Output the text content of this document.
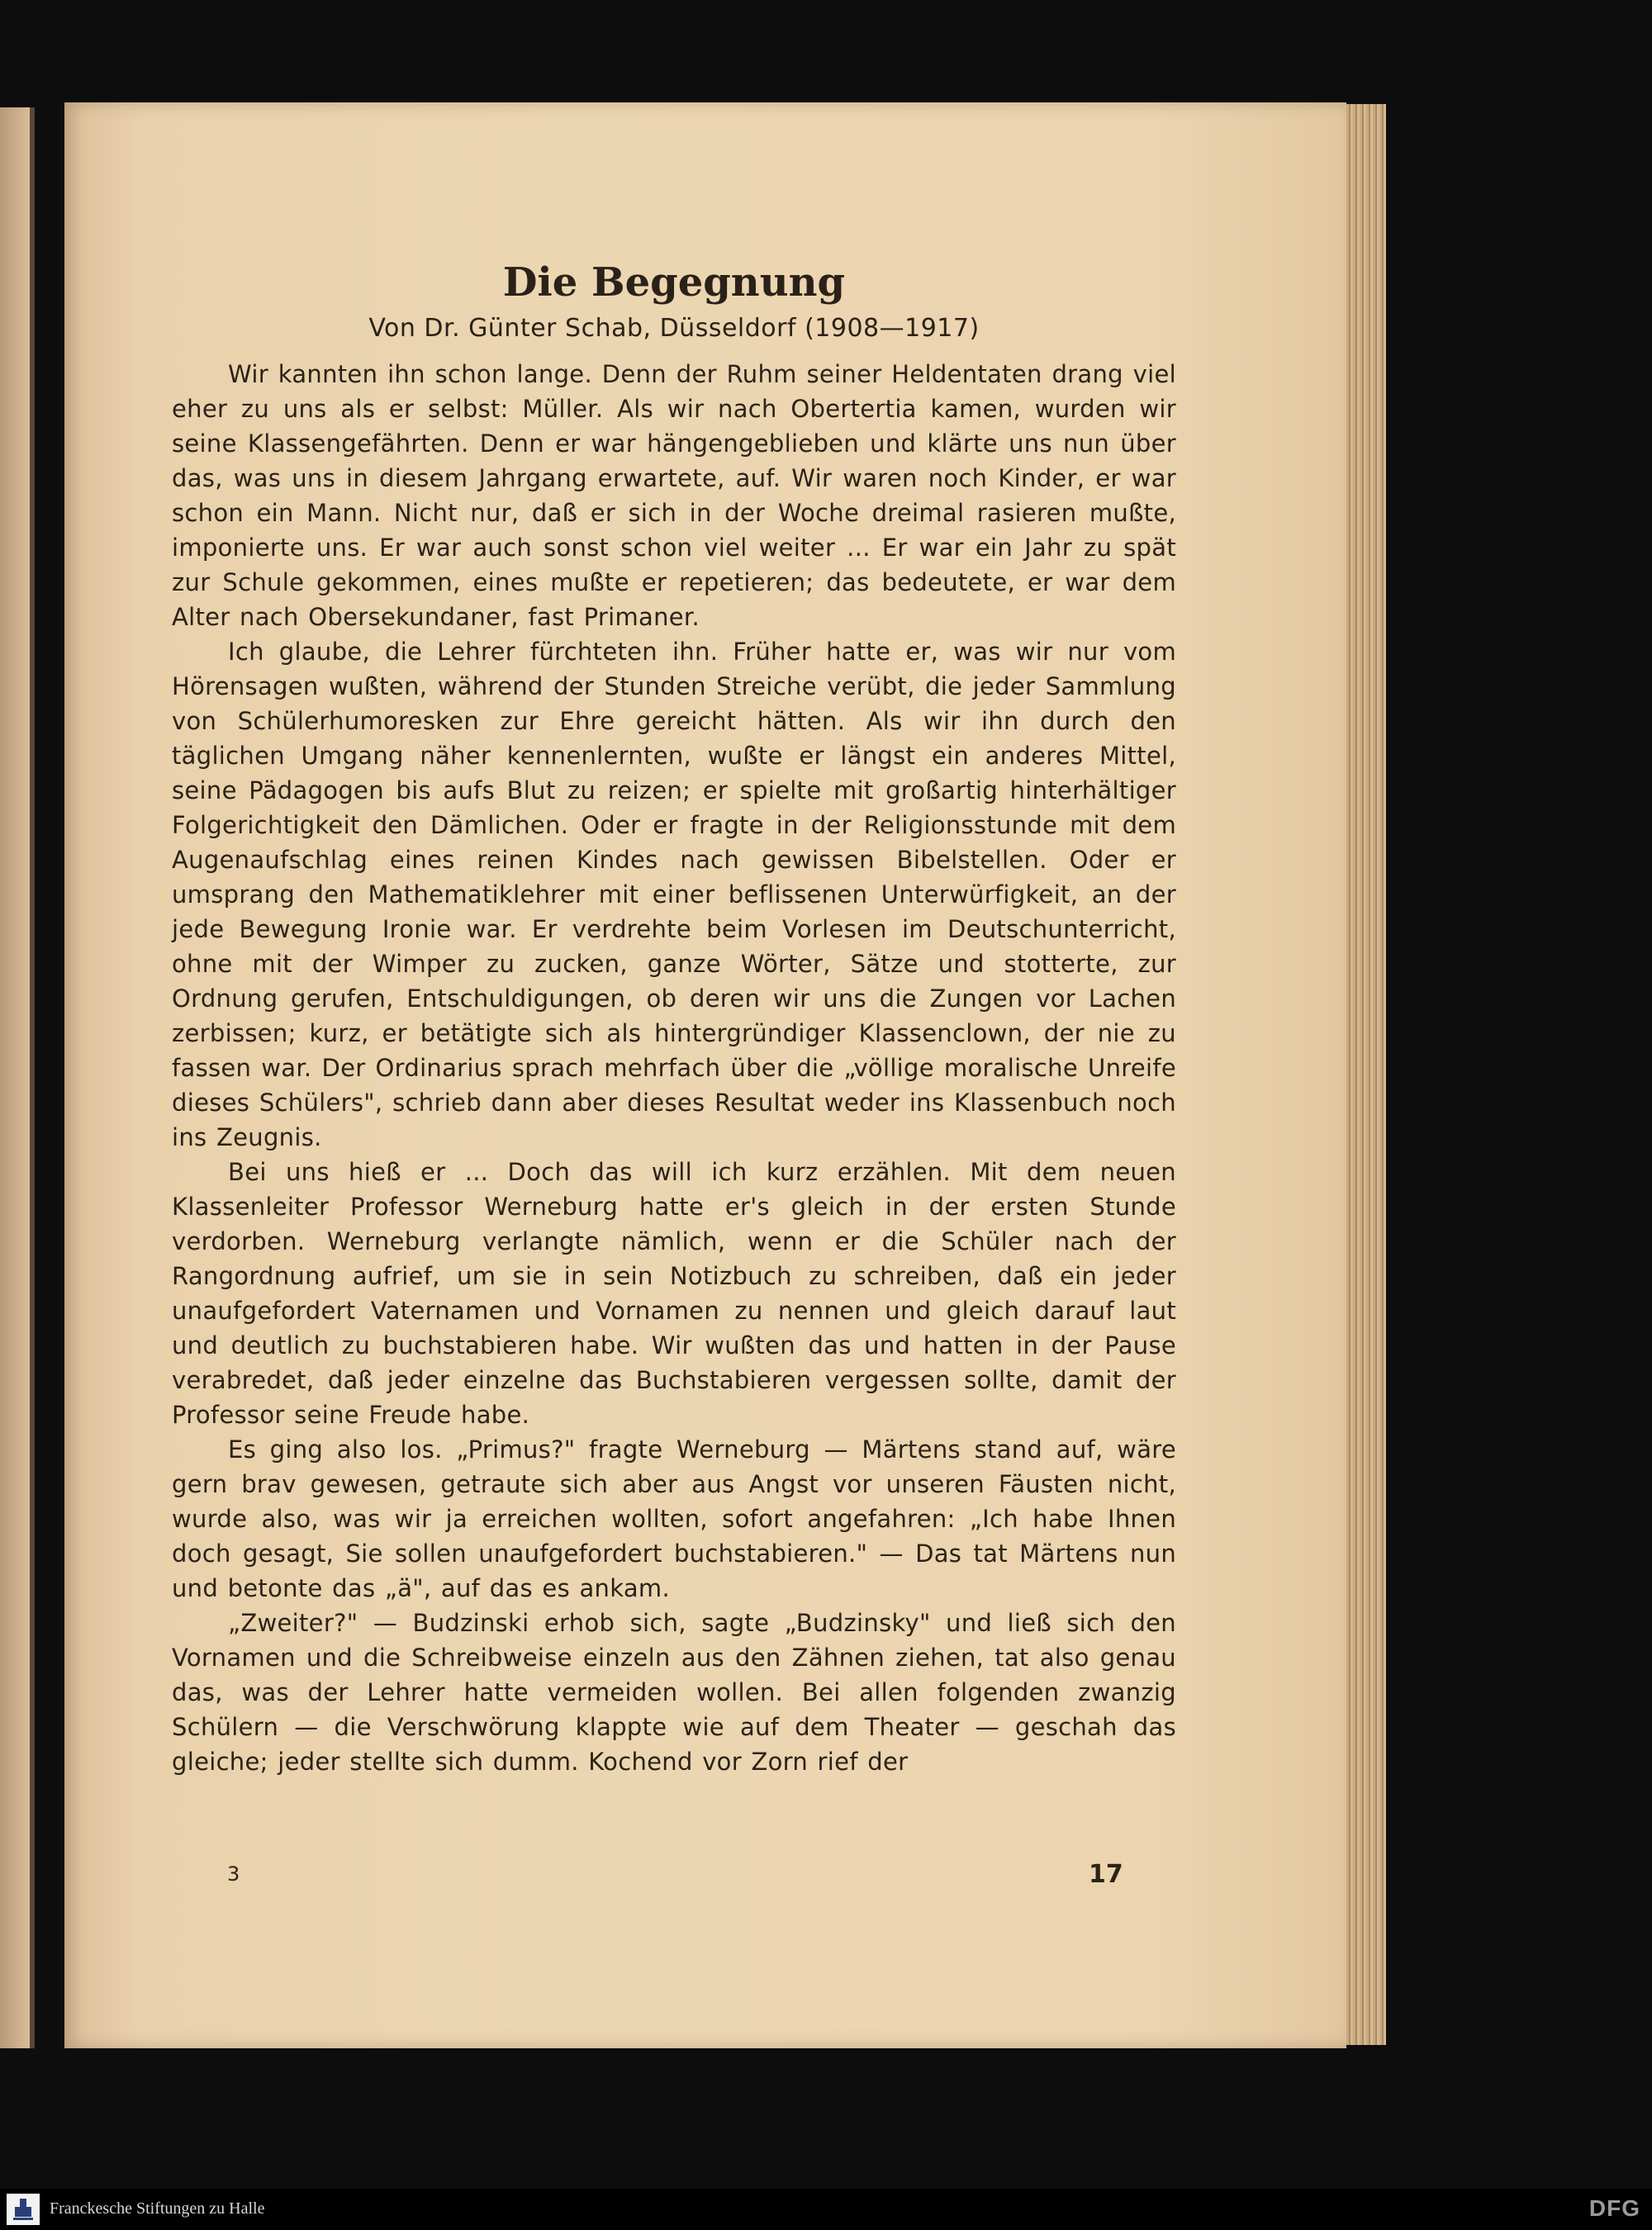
Die Begegnung

Von Dr. Günter Schab, Düsseldorf (1908—1917)

Wir kannten ihn schon lange. Denn der Ruhm seiner Heldentaten drang viel eher zu uns als er selbst: Müller. Als wir nach Obertertia kamen, wurden wir seine Klassengefährten. Denn er war hängengeblieben und klärte uns nun über das, was uns in diesem Jahrgang erwartete, auf. Wir waren noch Kinder, er war schon ein Mann. Nicht nur, daß er sich in der Woche dreimal rasieren mußte, imponierte uns. Er war auch sonst schon viel weiter ... Er war ein Jahr zu spät zur Schule gekommen, eines mußte er repetieren; das bedeutete, er war dem Alter nach Obersekundaner, fast Primaner.

Ich glaube, die Lehrer fürchteten ihn. Früher hatte er, was wir nur vom Hörensagen wußten, während der Stunden Streiche verübt, die jeder Sammlung von Schülerhumoresken zur Ehre gereicht hätten. Als wir ihn durch den täglichen Umgang näher kennenlernten, wußte er längst ein anderes Mittel, seine Pädagogen bis aufs Blut zu reizen; er spielte mit großartig hinterhältiger Folgerichtigkeit den Dämlichen. Oder er fragte in der Religionsstunde mit dem Augenaufschlag eines reinen Kindes nach gewissen Bibelstellen. Oder er umsprang den Mathematiklehrer mit einer beflissenen Unterwürfigkeit, an der jede Bewegung Ironie war. Er verdrehte beim Vorlesen im Deutschunterricht, ohne mit der Wimper zu zucken, ganze Wörter, Sätze und stotterte, zur Ordnung gerufen, Entschuldigungen, ob deren wir uns die Zungen vor Lachen zerbissen; kurz, er betätigte sich als hintergründiger Klassenclown, der nie zu fassen war. Der Ordinarius sprach mehrfach über die „völlige moralische Unreife dieses Schülers", schrieb dann aber dieses Resultat weder ins Klassenbuch noch ins Zeugnis.

Bei uns hieß er ... Doch das will ich kurz erzählen. Mit dem neuen Klassenleiter Professor Werneburg hatte er's gleich in der ersten Stunde verdorben. Werneburg verlangte nämlich, wenn er die Schüler nach der Rangordnung aufrief, um sie in sein Notizbuch zu schreiben, daß ein jeder unaufgefordert Vaternamen und Vornamen zu nennen und gleich darauf laut und deutlich zu buchstabieren habe. Wir wußten das und hatten in der Pause verabredet, daß jeder einzelne das Buchstabieren vergessen sollte, damit der Professor seine Freude habe.

Es ging also los. „Primus?" fragte Werneburg — Märtens stand auf, wäre gern brav gewesen, getraute sich aber aus Angst vor unseren Fäusten nicht, wurde also, was wir ja erreichen wollten, sofort angefahren: „Ich habe Ihnen doch gesagt, Sie sollen unaufgefordert buchstabieren." — Das tat Märtens nun und betonte das „ä", auf das es ankam.

„Zweiter?" — Budzinski erhob sich, sagte „Budzinsky" und ließ sich den Vornamen und die Schreibweise einzeln aus den Zähnen ziehen, tat also genau das, was der Lehrer hatte vermeiden wollen. Bei allen folgenden zwanzig Schülern — die Verschwörung klappte wie auf dem Theater — geschah das gleiche; jeder stellte sich dumm. Kochend vor Zorn rief der

3	17
Franckesche Stiftungen zu Halle	DFG
